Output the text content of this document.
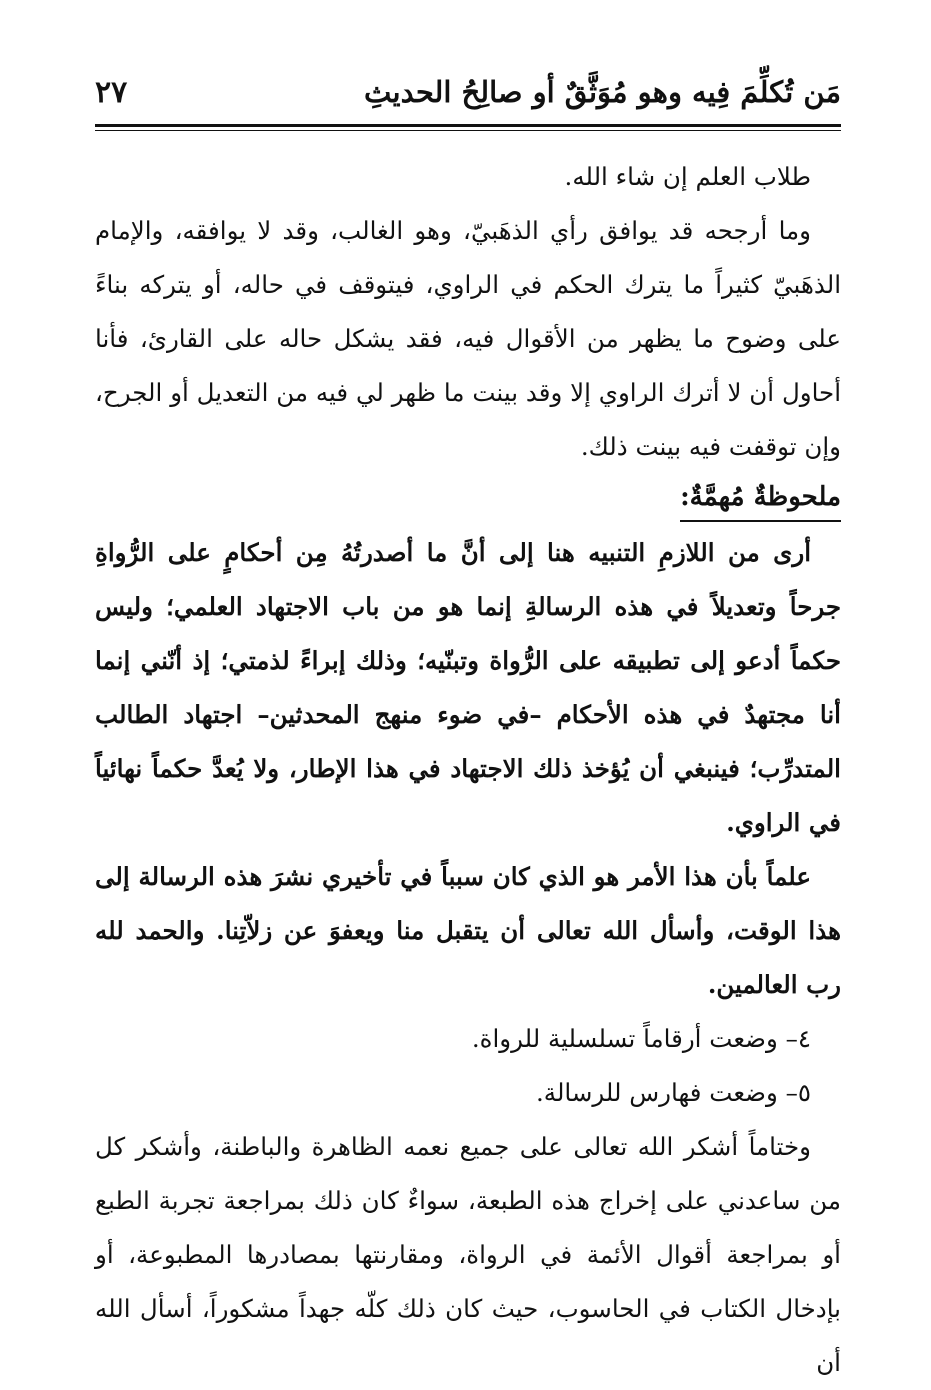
مَن تُكلِّمَ فِيه وهو مُوَثَّقٌ أو صالِحُ الحديثِ
٢٧

طلاب العلم إن شاء الله.

وما أرجحه قد يوافق رأي الذهَبيّ، وهو الغالب، وقد لا يوافقه، والإمام الذهَبيّ كثيراً ما يترك الحكم في الراوي، فيتوقف في حاله، أو يتركه بناءً على وضوح ما يظهر من الأقوال فيه، فقد يشكل حاله على القارئ، فأنا أحاول أن لا أترك الراوي إلا وقد بينت ما ظهر لي فيه من التعديل أو الجرح، وإن توقفت فيه بينت ذلك.

ملحوظةٌ مُهمَّةٌ:

أرى من اللازمِ التنبيه هنا إلى أنَّ ما أصدرتُهُ مِن أحكامٍ على الرُّواةِ جرحاً وتعديلاً في هذه الرسالةِ إنما هو من باب الاجتهاد العلمي؛ وليس حكماً أدعو إلى تطبيقه على الرُّواة وتبنّيه؛ وذلك إبراءً لذمتي؛ إذ أنّني إنما أنا مجتهدٌ في هذه الأحكام –في ضوء منهج المحدثين– اجتهاد الطالب المتدرِّب؛ فينبغي أن يُؤخذ ذلك الاجتهاد في هذا الإطار، ولا يُعدَّ حكماً نهائياً في الراوي.

علماً بأن هذا الأمر هو الذي كان سبباً في تأخيري نشرَ هذه الرسالة إلى هذا الوقت، وأسأل الله تعالى أن يتقبل منا ويعفوَ عن زلاّتِنا. والحمد لله رب العالمين.

٤– وضعت أرقاماً تسلسلية للرواة.

٥– وضعت فهارس للرسالة.

وختاماً أشكر الله تعالى على جميع نعمه الظاهرة والباطنة، وأشكر كل من ساعدني على إخراج هذه الطبعة، سواءٌ كان ذلك بمراجعة تجربة الطبع أو بمراجعة أقوال الأئمة في الرواة، ومقارنتها بمصادرها المطبوعة، أو بإدخال الكتاب في الحاسوب، حيث كان ذلك كلّه جهداً مشكوراً، أسأل الله أن
